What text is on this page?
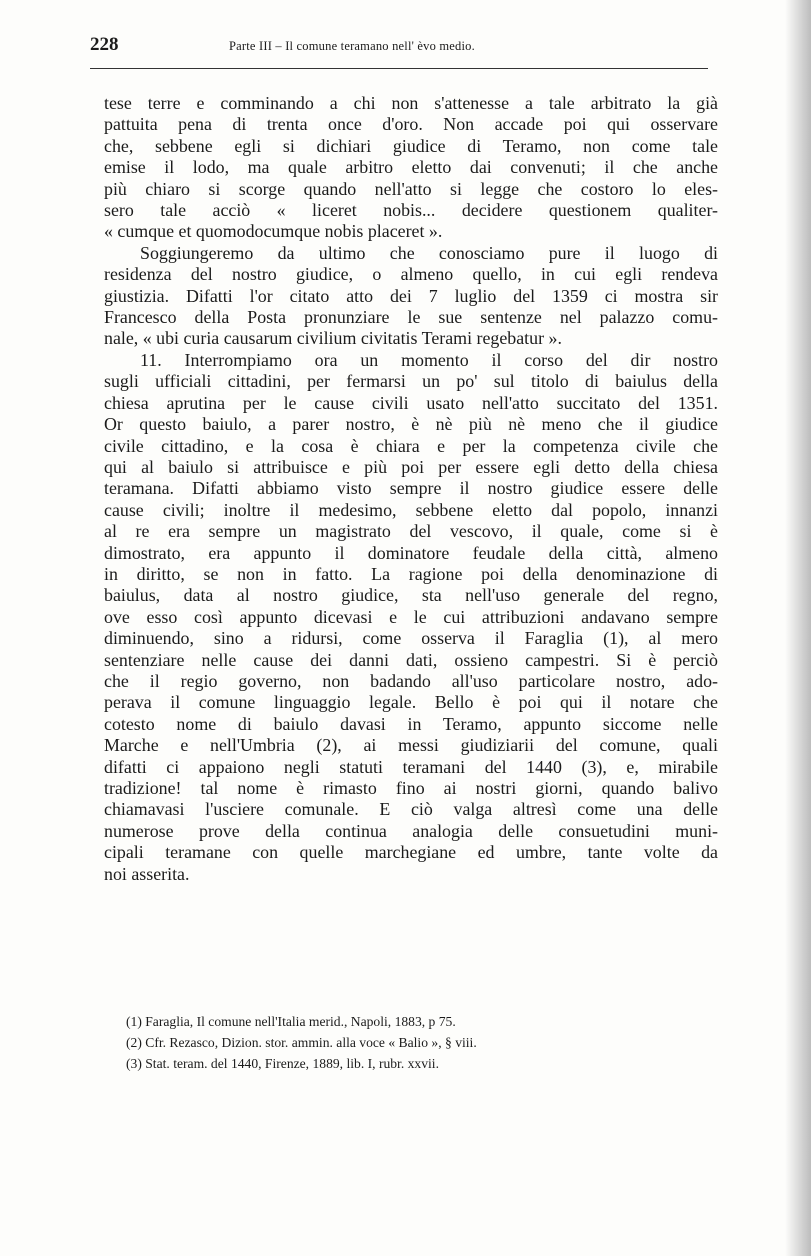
228	Parte III – Il comune teramano nell' èvo medio.
tese terre e comminando a chi non s'attenesse a tale arbitrato la già
pattuita pena di trenta once d'oro. Non accade poi qui osservare
che, sebbene egli si dichiari giudice di Teramo, non come tale
emise il lodo, ma quale arbitro eletto dai convenuti; il che anche
più chiaro si scorge quando nell'atto si legge che costoro lo eles-
sero tale acciò « liceret nobis... decidere questionem qualiter-
« cumque et quomodocumque nobis placeret ».
Soggiungeremo da ultimo che conosciamo pure il luogo di
residenza del nostro giudice, o almeno quello, in cui egli rendeva
giustizia. Difatti l'or citato atto dei 7 luglio del 1359 ci mostra sir
Francesco della Posta pronunziare le sue sentenze nel palazzo comu-
nale, « ubi curia causarum civilium civitatis Terami regebatur ».
11. Interrompiamo ora un momento il corso del dir nostro
sugli ufficiali cittadini, per fermarsi un po' sul titolo di baiulus della
chiesa aprutina per le cause civili usato nell'atto succitato del 1351.
Or questo baiulo, a parer nostro, è nè più nè meno che il giudice
civile cittadino, e la cosa è chiara e per la competenza civile che
qui al baiulo si attribuisce e più poi per essere egli detto della chiesa
teramana. Difatti abbiamo visto sempre il nostro giudice essere delle
cause civili; inoltre il medesimo, sebbene eletto dal popolo, innanzi
al re era sempre un magistrato del vescovo, il quale, come si è
dimostrato, era appunto il dominatore feudale della città, almeno
in diritto, se non in fatto. La ragione poi della denominazione di
baiulus, data al nostro giudice, sta nell'uso generale del regno,
ove esso così appunto dicevasi e le cui attribuzioni andavano sempre
diminuendo, sino a ridursi, come osserva il Faraglia (1), al mero
sentenziare nelle cause dei danni dati, ossieno campestri. Si è perciò
che il regio governo, non badando all'uso particolare nostro, ado-
perava il comune linguaggio legale. Bello è poi qui il notare che
cotesto nome di baiulo davasi in Teramo, appunto siccome nelle
Marche e nell'Umbria (2), ai messi giudiziarii del comune, quali
difatti ci appaiono negli statuti teramani del 1440 (3), e, mirabile
tradizione! tal nome è rimasto fino ai nostri giorni, quando balivo
chiamavasi l'usciere comunale. E ciò valga altresì come una delle
numerose prove della continua analogia delle consuetudini muni-
cipali teramane con quelle marchegiane ed umbre, tante volte da
noi asserita.
(1) Faraglia, Il comune nell'Italia merid., Napoli, 1883, p 75.
(2) Cfr. Rezasco, Dizion. stor. ammin. alla voce « Balio », § viii.
(3) Stat. teram. del 1440, Firenze, 1889, lib. I, rubr. xxvii.
